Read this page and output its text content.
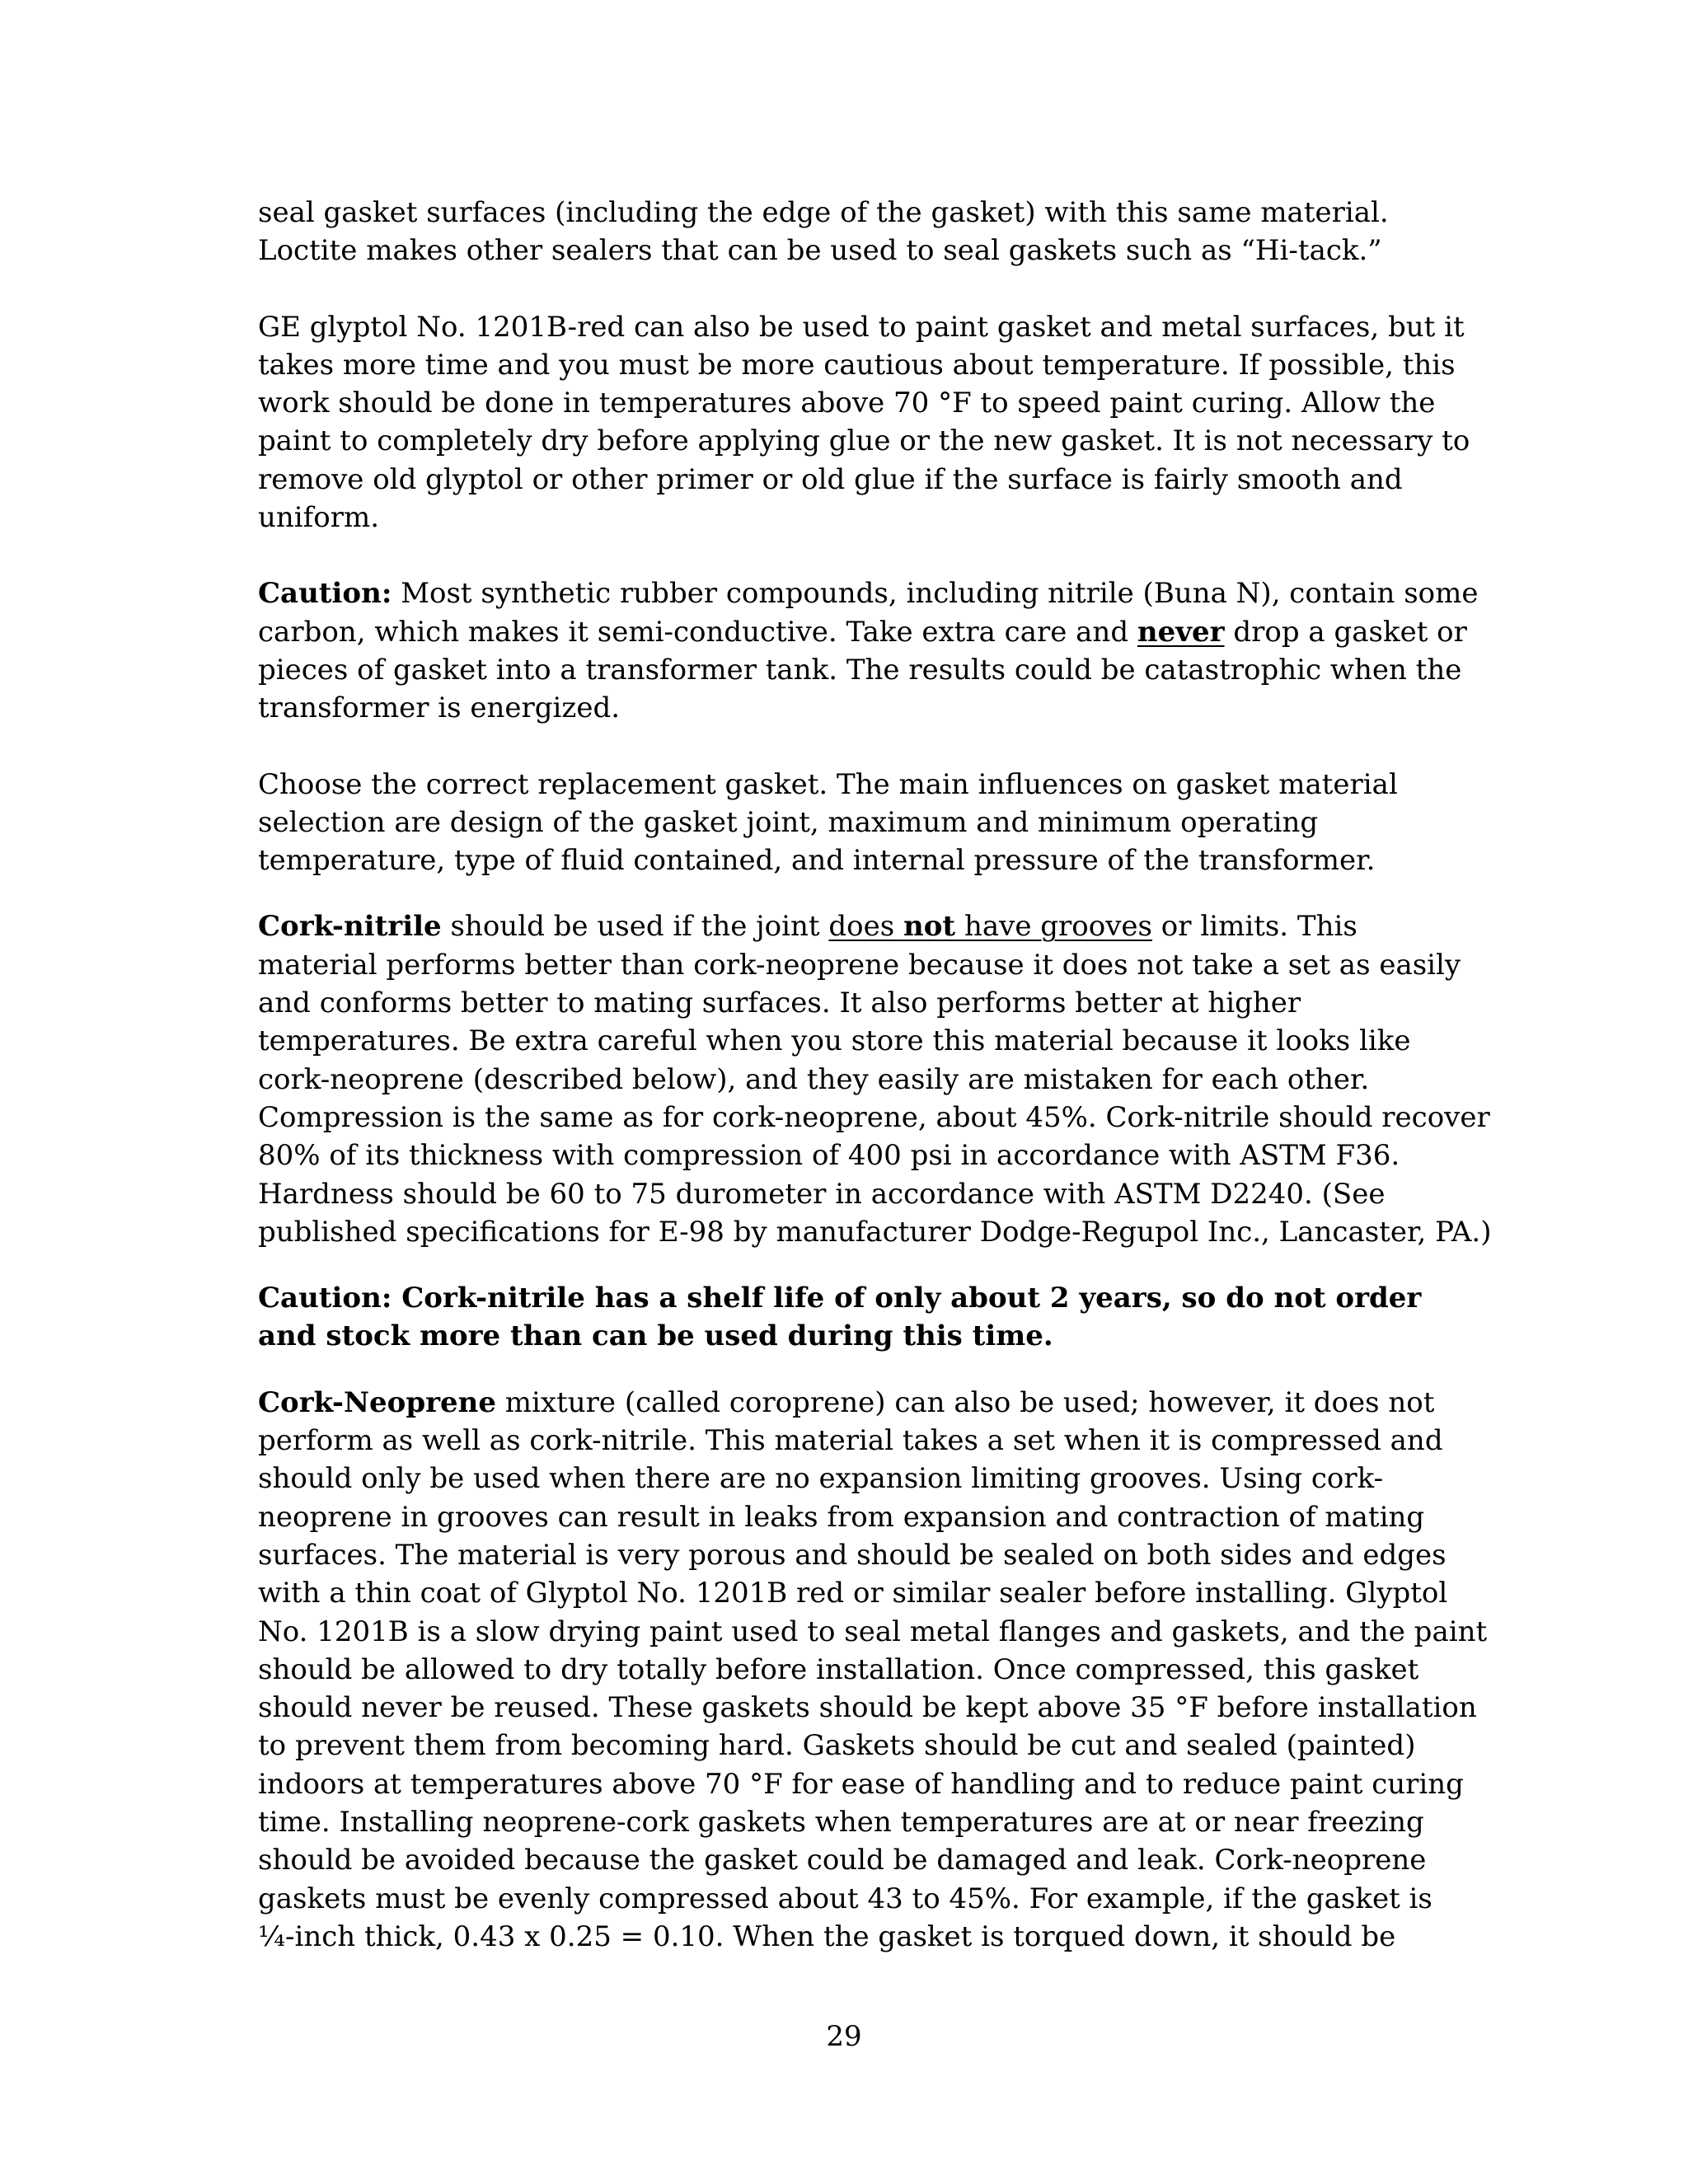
seal gasket surfaces (including the edge of the gasket) with this same material.
Loctite makes other sealers that can be used to seal gaskets such as “Hi-tack.”

GE glyptol No. 1201B-red can also be used to paint gasket and metal surfaces, but it
takes more time and you must be more cautious about temperature. If possible, this
work should be done in temperatures above 70 °F to speed paint curing. Allow the
paint to completely dry before applying glue or the new gasket. It is not necessary to
remove old glyptol or other primer or old glue if the surface is fairly smooth and
uniform.

Caution: Most synthetic rubber compounds, including nitrile (Buna N), contain some
carbon, which makes it semi-conductive. Take extra care and never drop a gasket or
pieces of gasket into a transformer tank. The results could be catastrophic when the
transformer is energized.

Choose the correct replacement gasket. The main influences on gasket material
selection are design of the gasket joint, maximum and minimum operating
temperature, type of fluid contained, and internal pressure of the transformer.

Cork-nitrile should be used if the joint does not have grooves or limits. This
material performs better than cork-neoprene because it does not take a set as easily
and conforms better to mating surfaces. It also performs better at higher
temperatures. Be extra careful when you store this material because it looks like
cork-neoprene (described below), and they easily are mistaken for each other.
Compression is the same as for cork-neoprene, about 45%. Cork-nitrile should recover
80% of its thickness with compression of 400 psi in accordance with ASTM F36.
Hardness should be 60 to 75 durometer in accordance with ASTM D2240. (See
published specifications for E-98 by manufacturer Dodge-Regupol Inc., Lancaster, PA.)

Caution: Cork-nitrile has a shelf life of only about 2 years, so do not order
and stock more than can be used during this time.

Cork-Neoprene mixture (called coroprene) can also be used; however, it does not
perform as well as cork-nitrile. This material takes a set when it is compressed and
should only be used when there are no expansion limiting grooves. Using cork-
neoprene in grooves can result in leaks from expansion and contraction of mating
surfaces. The material is very porous and should be sealed on both sides and edges
with a thin coat of Glyptol No. 1201B red or similar sealer before installing. Glyptol
No. 1201B is a slow drying paint used to seal metal flanges and gaskets, and the paint
should be allowed to dry totally before installation. Once compressed, this gasket
should never be reused. These gaskets should be kept above 35 °F before installation
to prevent them from becoming hard. Gaskets should be cut and sealed (painted)
indoors at temperatures above 70 °F for ease of handling and to reduce paint curing
time. Installing neoprene-cork gaskets when temperatures are at or near freezing
should be avoided because the gasket could be damaged and leak. Cork-neoprene
gaskets must be evenly compressed about 43 to 45%. For example, if the gasket is
¼-inch thick, 0.43 x 0.25 = 0.10. When the gasket is torqued down, it should be

29
